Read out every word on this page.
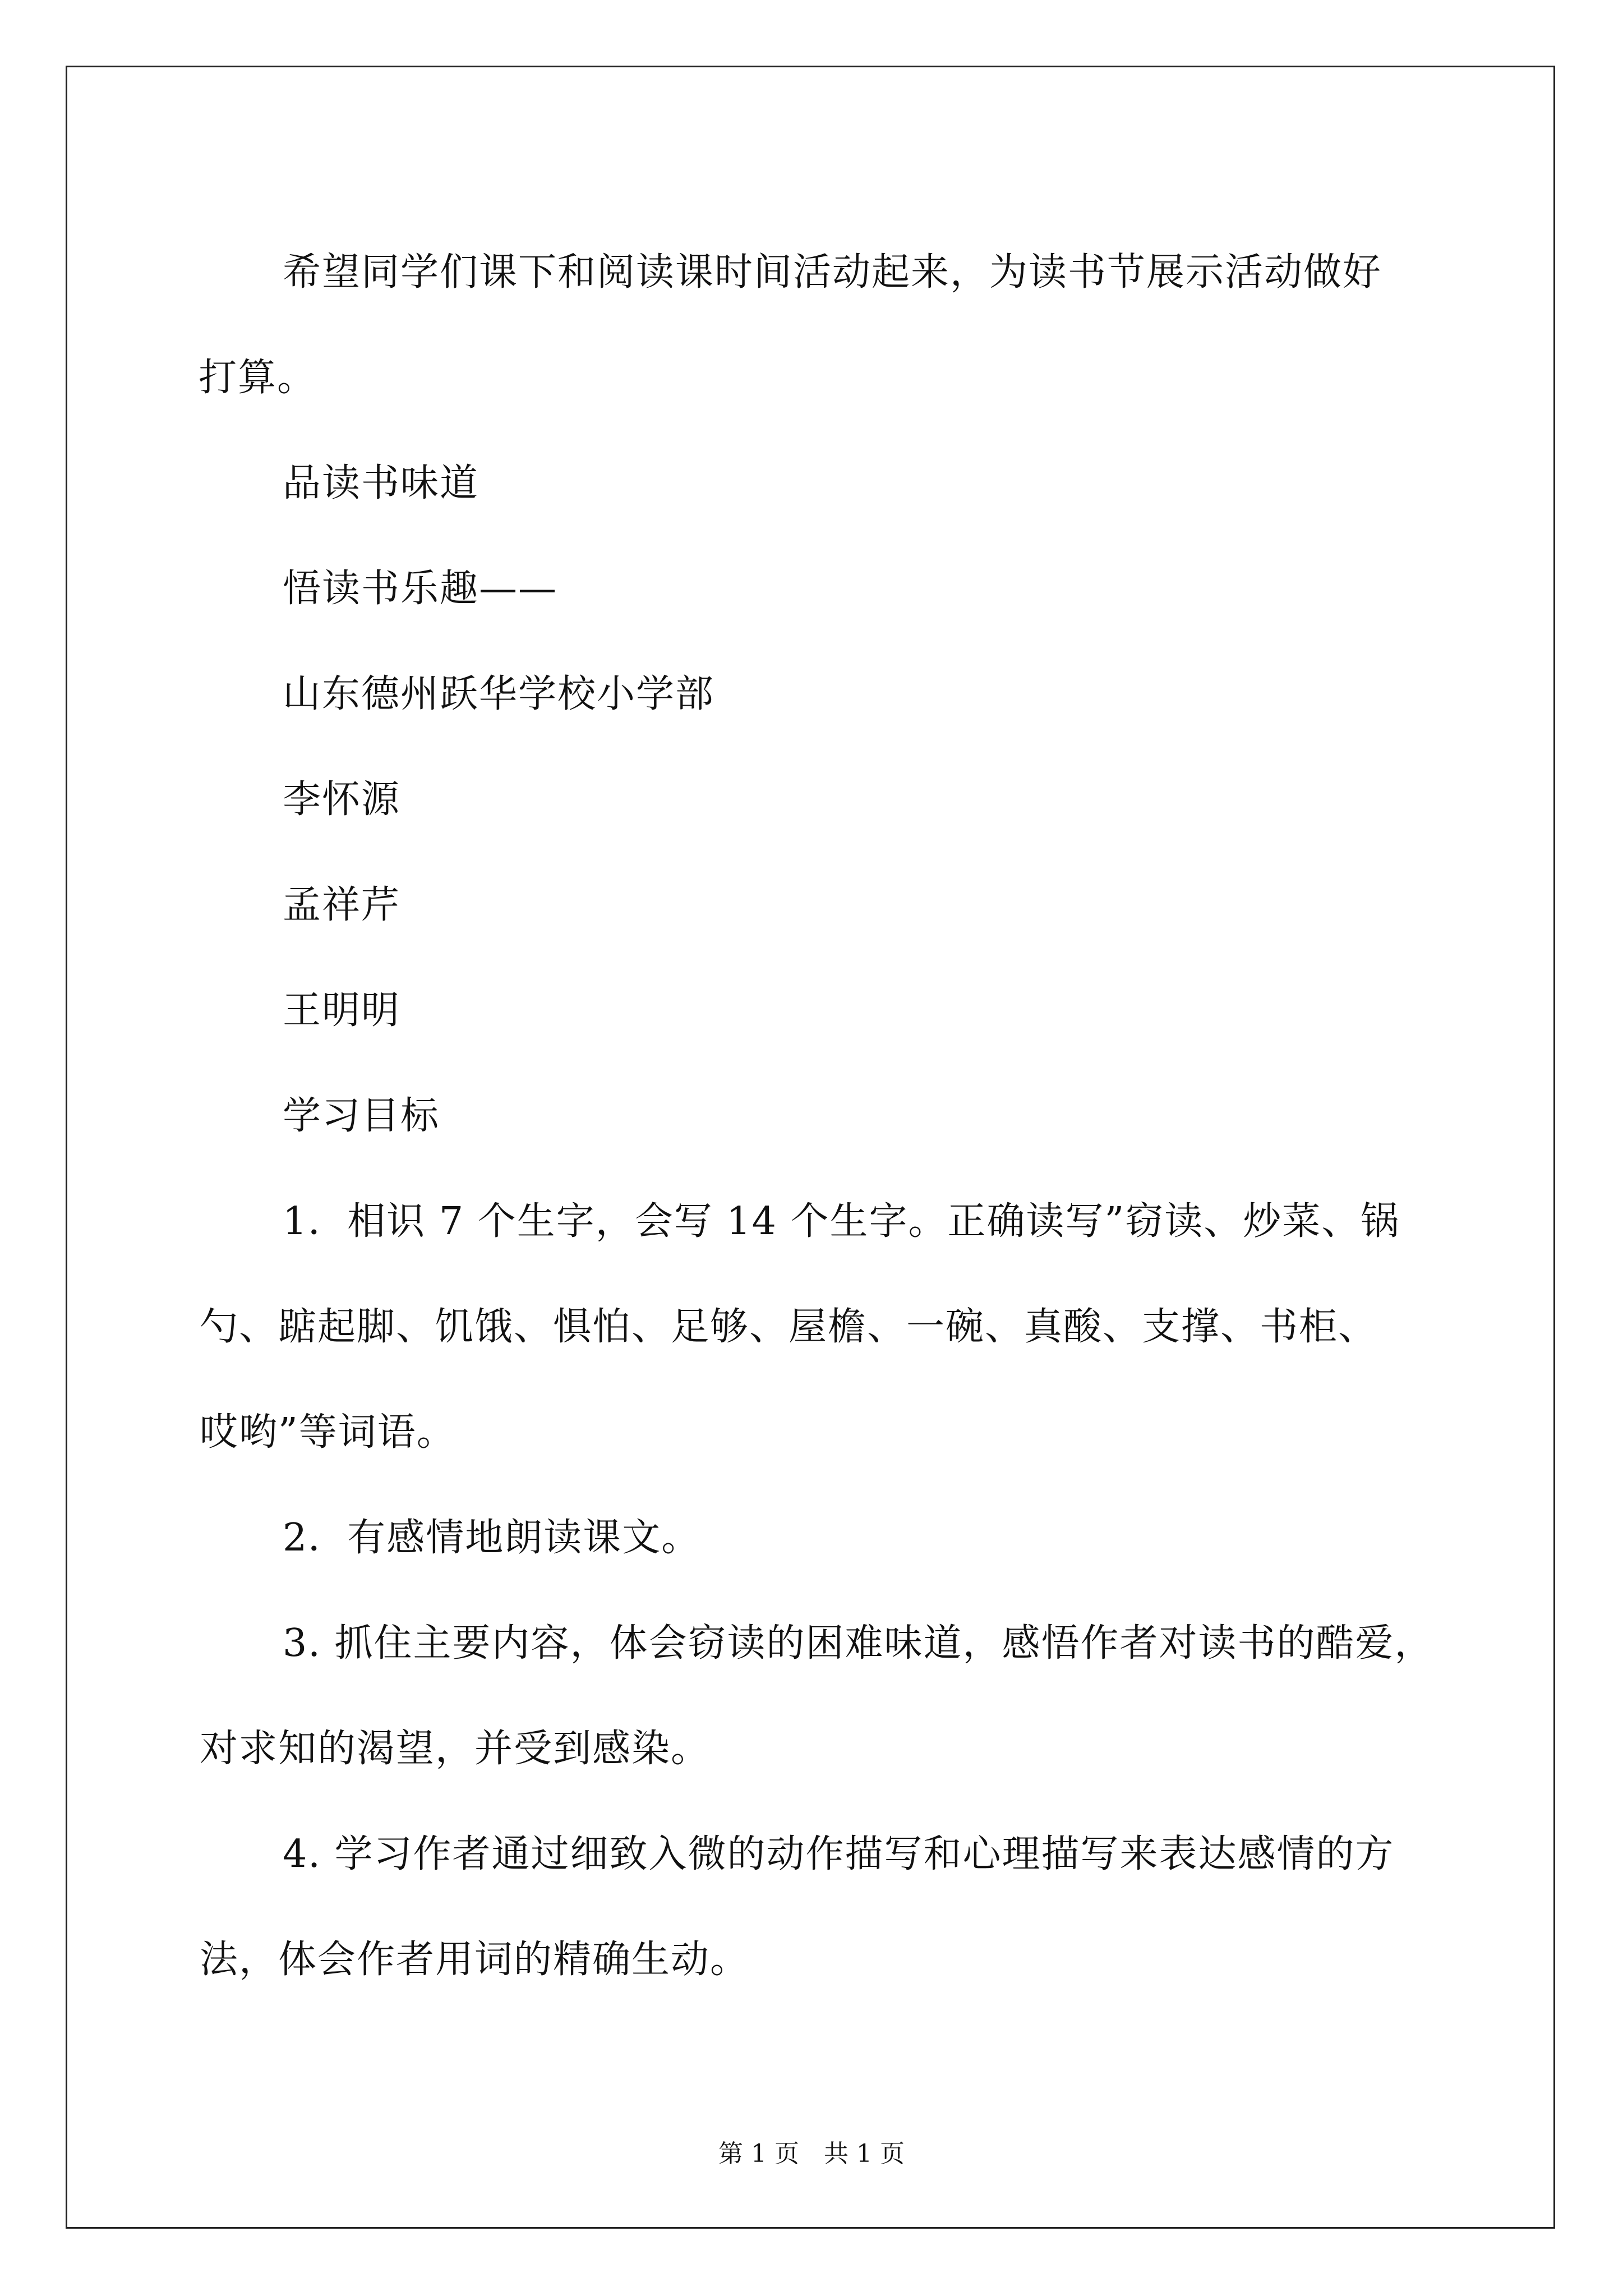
希望同学们课下和阅读课时间活动起来，为读书节展示活动做好
打算。
品读书味道
悟读书乐趣——
山东德州跃华学校小学部
李怀源
孟祥芹
王明明
学习目标
1．相识 7 个生字，会写 14 个生字。正确读写”窃读、炒菜、锅
勺、踮起脚、饥饿、惧怕、足够、屋檐、一碗、真酸、支撑、书柜、
哎哟”等词语。
2．有感情地朗读课文。
3. 抓住主要内容，体会窃读的困难味道，感悟作者对读书的酷爱，
对求知的渴望，并受到感染。
4. 学习作者通过细致入微的动作描写和心理描写来表达感情的方
法，体会作者用词的精确生动。
第 1 页　共 1 页
